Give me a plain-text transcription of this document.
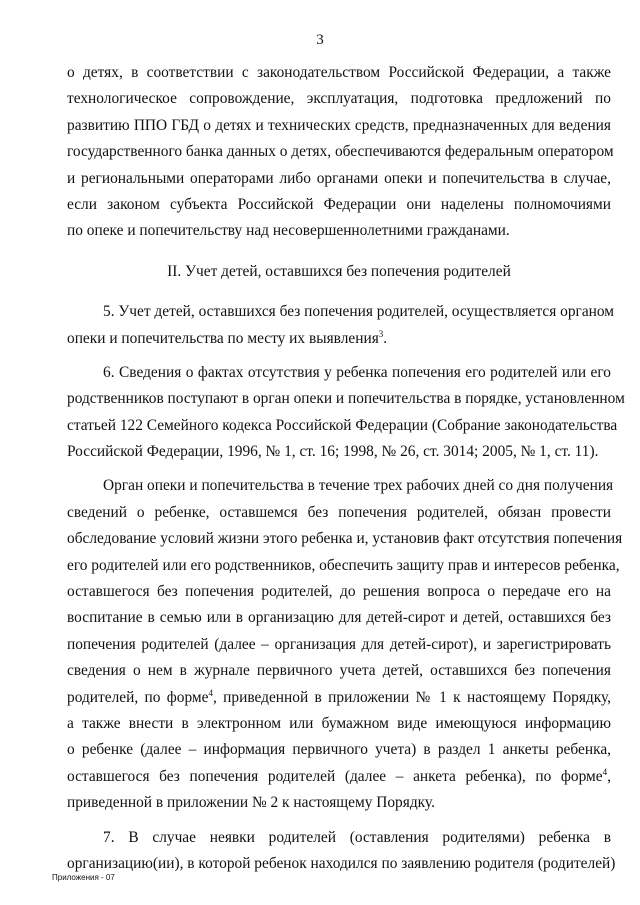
3
о детях, в соответствии с законодательством Российской Федерации, а также
технологическое сопровождение, эксплуатация, подготовка предложений по
развитию ППО ГБД о детях и технических средств, предназначенных для ведения
государственного банка данных о детях, обеспечиваются федеральным оператором
и региональными операторами либо органами опеки и попечительства в случае,
если законом субъекта Российской Федерации они наделены полномочиями
по опеке и попечительству над несовершеннолетними гражданами.
II. Учет детей, оставшихся без попечения родителей
5. Учет детей, оставшихся без попечения родителей, осуществляется органом
опеки и попечительства по месту их выявления$^3$.
6. Сведения о фактах отсутствия у ребенка попечения его родителей или его
родственников поступают в орган опеки и попечительства в порядке, установленном
статьей 122 Семейного кодекса Российской Федерации (Собрание законодательства
Российской Федерации, 1996, № 1, ст. 16; 1998, № 26, ст. 3014; 2005, № 1, ст. 11).
Орган опеки и попечительства в течение трех рабочих дней со дня получения
сведений о ребенке, оставшемся без попечения родителей, обязан провести
обследование условий жизни этого ребенка и, установив факт отсутствия попечения
его родителей или его родственников, обеспечить защиту прав и интересов ребенка,
оставшегося без попечения родителей, до решения вопроса о передаче его на
воспитание в семью или в организацию для детей-сирот и детей, оставшихся без
попечения родителей (далее – организация для детей-сирот), и зарегистрировать
сведения о нем в журнале первичного учета детей, оставшихся без попечения
родителей, по форме$^4$, приведенной в приложении № 1 к настоящему Порядку,
а также внести в электронном или бумажном виде имеющуюся информацию
о ребенке (далее – информация первичного учета) в раздел 1 анкеты ребенка,
оставшегося без попечения родителей (далее – анкета ребенка), по форме$^4$,
приведенной в приложении № 2 к настоящему Порядку.
7. В случае неявки родителей (оставления родителями) ребенка в
организацию(ии), в которой ребенок находился по заявлению родителя (родителей)
Приложения - 07
